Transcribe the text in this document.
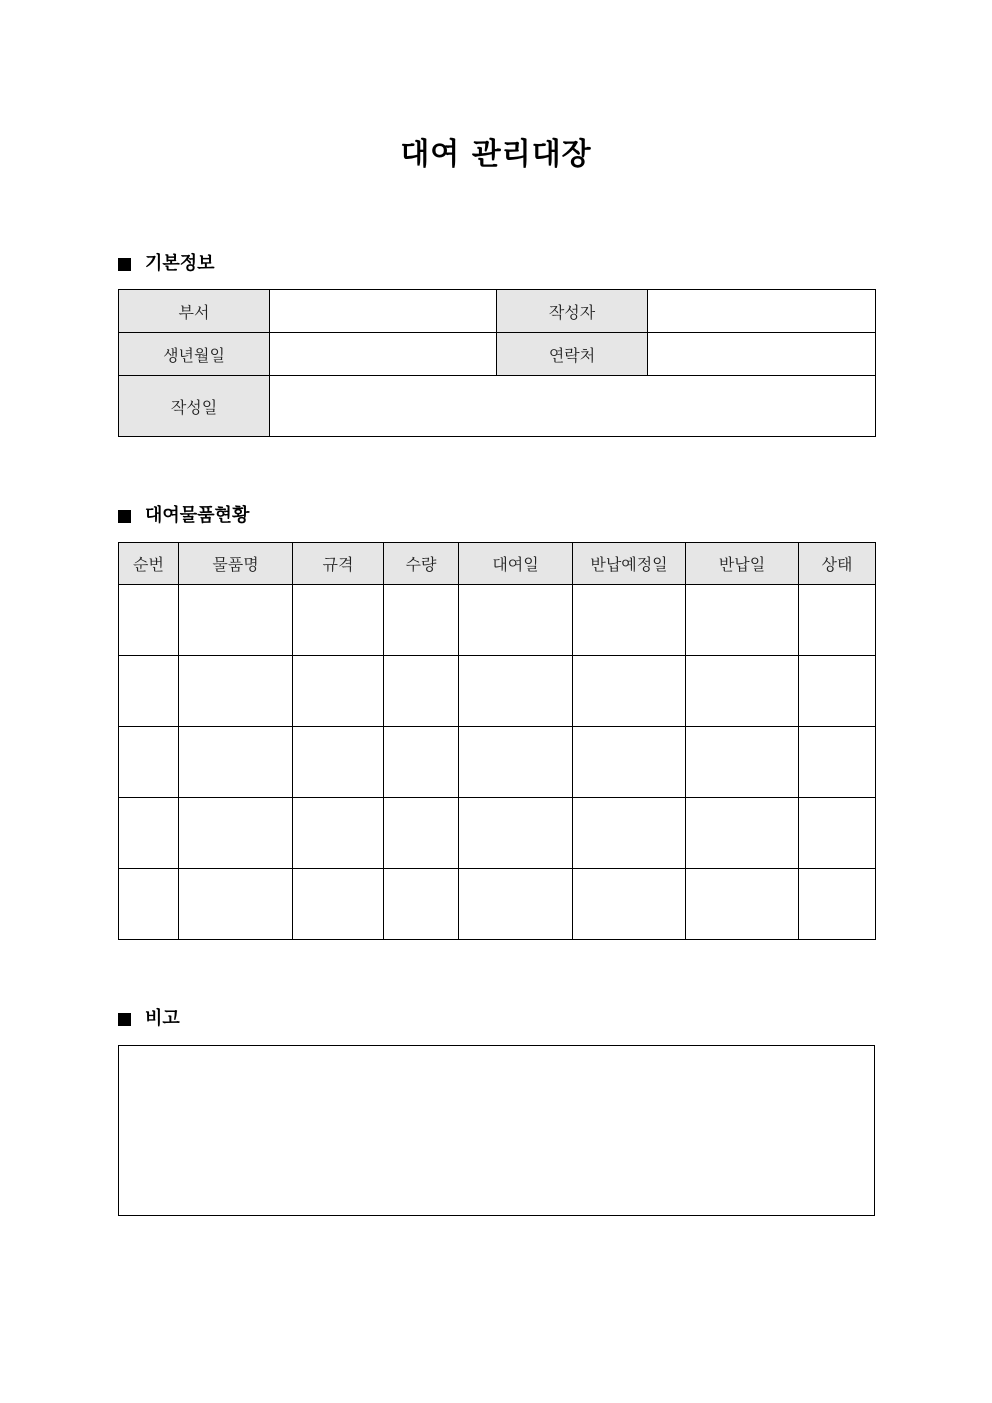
대여 관리대장
기본정보
부서		작성자	
생년월일		연락처	
작성일			
대여물품현황
순번	물품명	규격	수량	대여일	반납예정일	반납일	상태

비고
